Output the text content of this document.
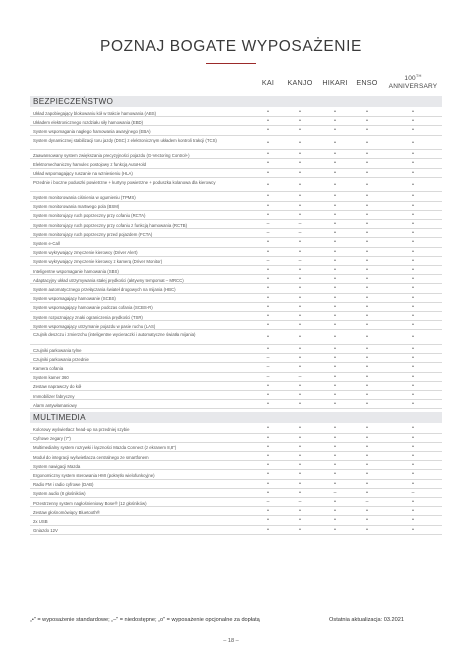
POZNAJ BOGATE WYPOSAŻENIE
KAI	KANJO	HIKARI	ENSO	100TH
ANNIVERSARY
BEZPIECZEŃSTWO
Układ zapobiegający blokowaniu kół w trakcie hamowania (ABS)	•	•	•	•	•
Układem elektronicznego rozdziału siły hamowania (EBD)	•	•	•	•	•
System wspomagania nagłego hamowania awaryjnego (EBA)	•	•	•	•	•
System dynamicznej stabilizacji toru jazdy (DSC) z elektronicznym układem kontroli trakcji (TCS)	•	•	•	•	•
Zaawansowany system zwiększania precyzyjności pojazdu (G-Vectoring Control+)	•	•	•	•	•
Elektromechaniczny hamulec postojowy z funkcją AutoHold	•	•	•	•	•
Układ wspomagający ruszanie na wzniesieniu (HLA)	•	•	•	•	•
Przednie i boczne poduszki powietrzne + kurtyny powietrzne + poduszka kolanowa dla kierowcy	•	•	•	•	•
System monitorowania ciśnienia w ogumieniu (TPMS)	•	•	•	•	•
System monitorowania martwego pola (BSM)	•	•	•	•	•
System monitorujący ruch poprzeczny przy cofaniu (RCTA)	•	•	•	•	•
System monitorujący ruch poprzeczny przy cofaniu z funkcją hamowania (RCTB)	–	–	•	•	•
System monitorujący ruch poprzeczny przed pojazdem (FCTA)	–	–	•	•	•
System e-Call	•	•	•	•	•
System wykrywający zmęczenie kierowcy (Driver Alert)	•	•	•	•	•
System wykrywający zmęczenie kierowcy z kamerą (Driver Monitor)	–	–	•	•	•
Inteligentne wspomaganie hamowania (SBS)	•	•	•	•	•
Adaptacyjny układ utrzymywania stałej prędkości (aktywny tempomat – MRCC)	•	•	•	•	•
System automatycznego przełączania świateł drogowych na mijania (HBC)	•	•	•	•	•
System wspomagający hamowanie (SCBS)	•	•	•	•	•
System wspomagający hamowanie podczas cofania (SCBS-R)	•	•	•	•	•
System rozpoznający znaki ograniczenia prędkości (TSR)	•	•	•	•	•
System wspomagający utrzymanie pojazdu w pasie ruchu (LAS)	•	•	•	•	•
Czujnik deszczu i zmierzchu (inteligentne wycieraczki i automatyczne światła mijania)	•	•	•	•	•
Czujniki parkowania tylne	•	•	•	•	•
Czujniki parkowania przednie	–	•	•	•	•
Kamera cofania	–	•	•	•	•
System kamer 360	–	–	•	•	•
Zestaw naprawczy do kół	•	•	•	•	•
Immobilizer fabryczny	•	•	•	•	•
Alarm antywłamaniowy	•	•	•	•	•
MULTIMEDIA
Kolorowy wyświetlacz head-up na przedniej szybie	•	•	•	•	•
Cyfrowe zegary (7")	•	•	•	•	•
Multimedialny system rozrywki i łączności Mazda Connect (z ekranem 8,8")	•	•	•	•	•
Moduł do integracji wyświetlacza centralnego ze smartfonem	•	•	•	•	•
System nawigacji Mazda	•	•	•	•	•
Ergonomiczny system sterowania HMI (pokrętło wielofunkcyjne)	•	•	•	•	•
Radio FM i radio cyfrowe (DAB)	•	•	•	•	•
System audio (8 głośników)	•	•	–	•	–
Przestrzenny system nagłośnieniowy Bose® (12 głośników)	–	–	•	–	•
Zestaw głośnomówiący Bluetooth®	•	•	•	•	•
2x USB	•	•	•	•	•
Gniazdo 12V	•	•	•	•	•
„•" = wyposażenie standardowe; „–" = niedostępne; „o" = wyposażenie opcjonalne za dopłatą	Ostatnia aktualizacja: 03.2021
– 18 –
